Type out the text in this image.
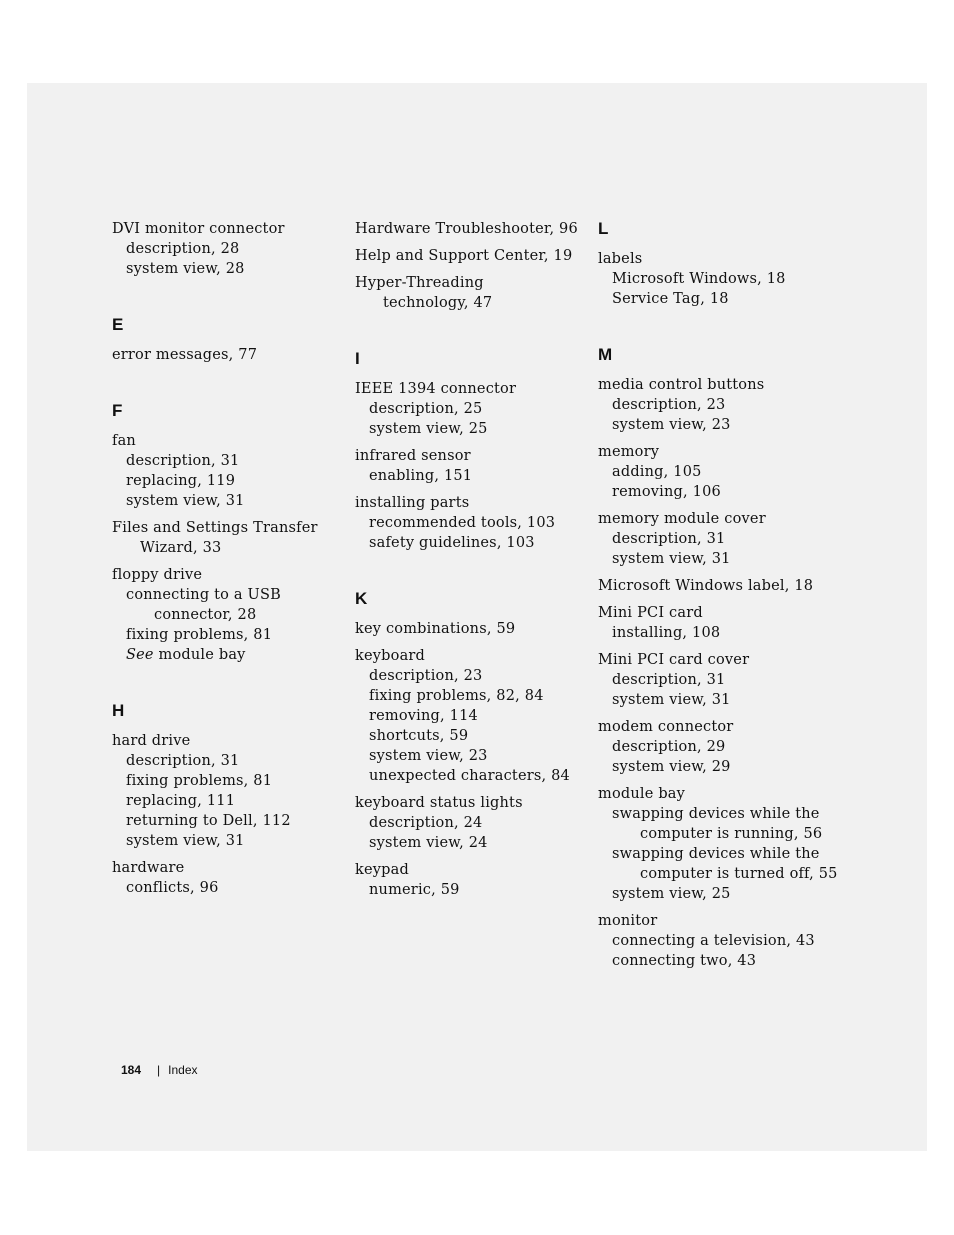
DVI monitor connector
description, 28
system view, 28
E
error messages, 77
F
fan
description, 31
replacing, 119
system view, 31
Files and Settings Transfer
Wizard, 33
floppy drive
connecting to a USB
connector, 28
fixing problems, 81
See module bay
H
hard drive
description, 31
fixing problems, 81
replacing, 111
returning to Dell, 112
system view, 31
hardware
conflicts, 96
Hardware Troubleshooter, 96
Help and Support Center, 19
Hyper-Threading
technology, 47
I
IEEE 1394 connector
description, 25
system view, 25
infrared sensor
enabling, 151
installing parts
recommended tools, 103
safety guidelines, 103
K
key combinations, 59
keyboard
description, 23
fixing problems, 82, 84
removing, 114
shortcuts, 59
system view, 23
unexpected characters, 84
keyboard status lights
description, 24
system view, 24
keypad
numeric, 59
L
labels
Microsoft Windows, 18
Service Tag, 18
M
media control buttons
description, 23
system view, 23
memory
adding, 105
removing, 106
memory module cover
description, 31
system view, 31
Microsoft Windows label, 18
Mini PCI card
installing, 108
Mini PCI card cover
description, 31
system view, 31
modem connector
description, 29
system view, 29
module bay
swapping devices while the
computer is running, 56
swapping devices while the
computer is turned off, 55
system view, 25
monitor
connecting a television, 43
connecting two, 43
184 | Index
